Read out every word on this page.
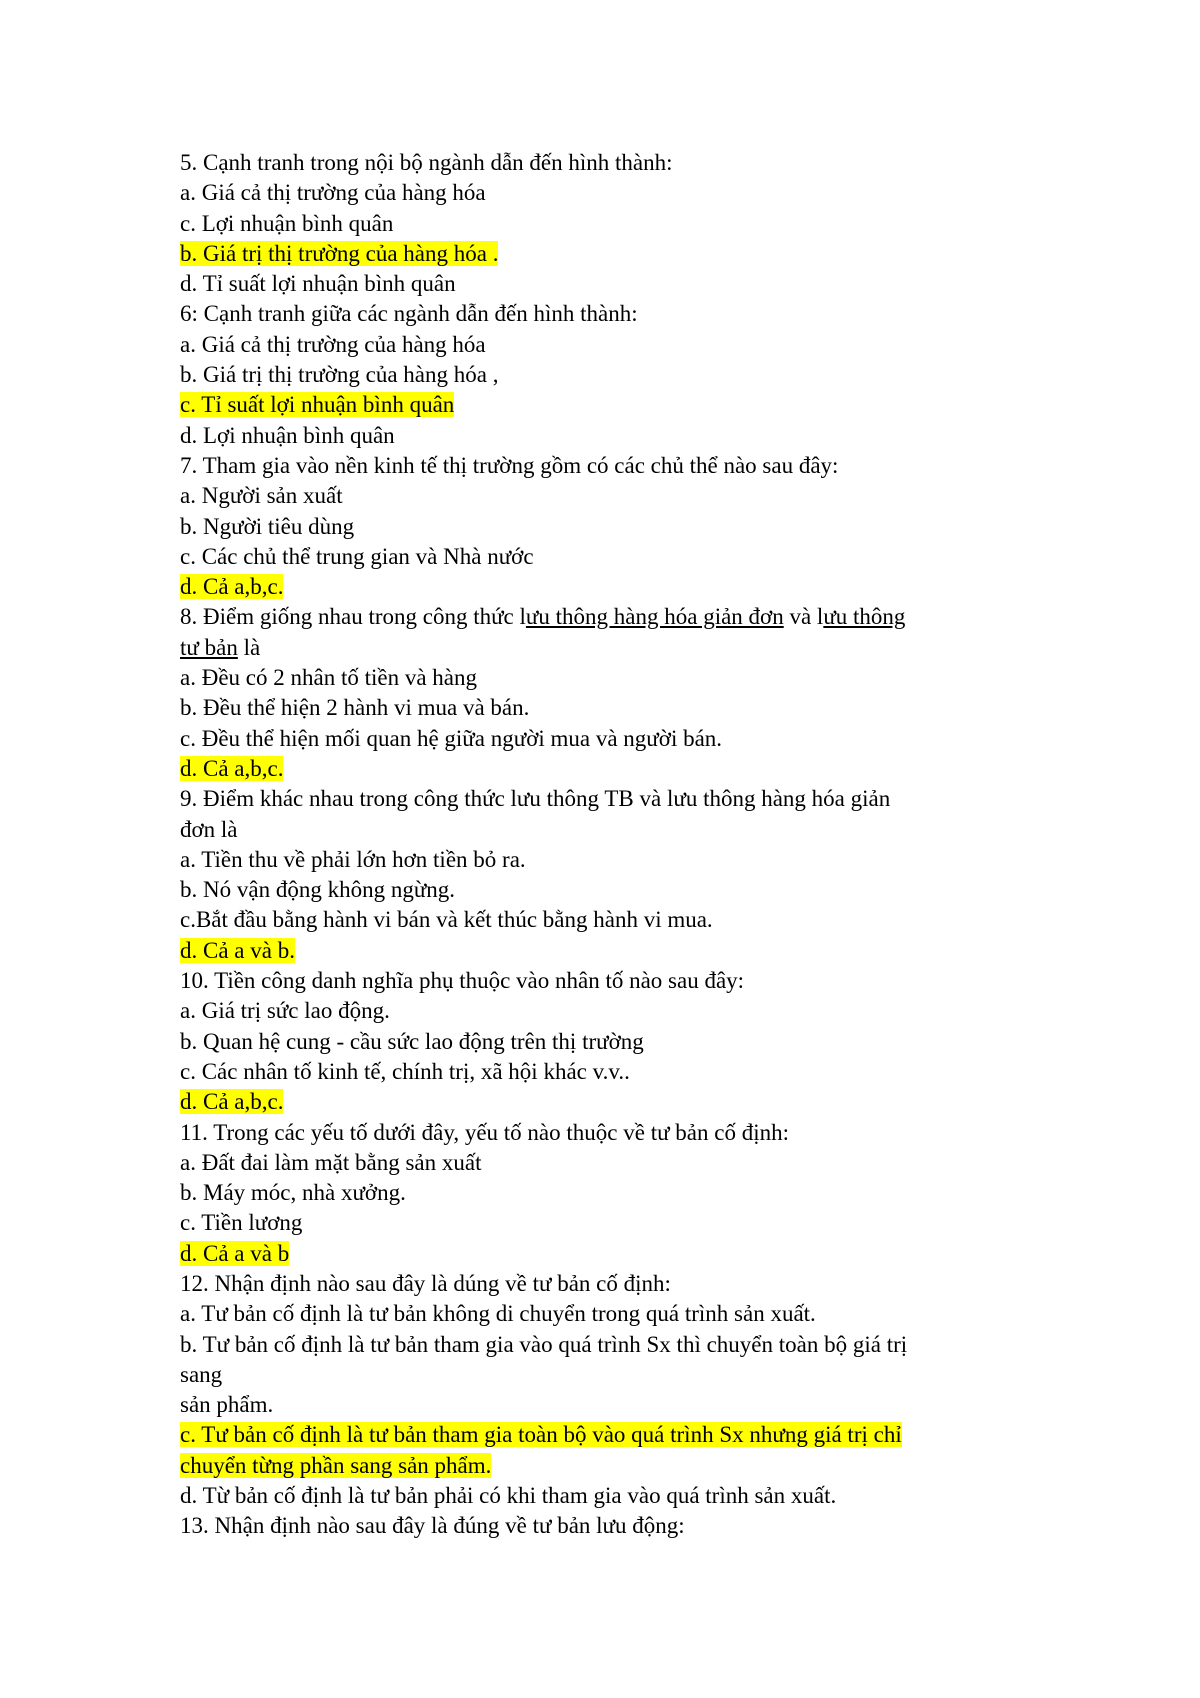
5. Cạnh tranh trong nội bộ ngành dẫn đến hình thành:
a. Giá cả thị trường của hàng hóa
c. Lợi nhuận bình quân
b. Giá trị thị trường của hàng hóa .
d. Tỉ suất lợi nhuận bình quân
6: Cạnh tranh giữa các ngành dẫn đến hình thành:
a. Giá cả thị trường của hàng hóa
b. Giá trị thị trường của hàng hóa ,
c. Tỉ suất lợi nhuận bình quân
d. Lợi nhuận bình quân
7. Tham gia vào nền kinh tế thị trường gồm có các chủ thể nào sau đây:
a. Người sản xuất
b. Người tiêu dùng
c. Các chủ thể trung gian và Nhà nước
d. Cả a,b,c.
8. Điểm giống nhau trong công thức lưu thông hàng hóa giản đơn và lưu thông
tư bản là
a. Đều có 2 nhân tố tiền và hàng
b. Đều thể hiện 2 hành vi mua và bán.
c. Đều thể hiện mối quan hệ giữa người mua và người bán.
d. Cả a,b,c.
9. Điểm khác nhau trong công thức lưu thông TB và lưu thông hàng hóa giản
đơn là
a. Tiền thu về phải lớn hơn tiền bỏ ra.
b. Nó vận động không ngừng.
c.Bắt đầu bằng hành vi bán và kết thúc bằng hành vi mua.
d. Cả a và b.
10. Tiền công danh nghĩa phụ thuộc vào nhân tố nào sau đây:
a. Giá trị sức lao động.
b. Quan hệ cung - cầu sức lao động trên thị trường
c. Các nhân tố kinh tế, chính trị, xã hội khác v.v..
d. Cả a,b,c.
11. Trong các yếu tố dưới đây, yếu tố nào thuộc về tư bản cố định:
a. Đất đai làm mặt bằng sản xuất
b. Máy móc, nhà xưởng.
c. Tiền lương
d. Cả a và b
12. Nhận định nào sau đây là dúng về tư bản cố định:
a. Tư bản cố định là tư bản không di chuyển trong quá trình sản xuất.
b. Tư bản cố định là tư bản tham gia vào quá trình Sx thì chuyển toàn bộ giá trị
sang
sản phẩm.
c. Tư bản cố định là tư bản tham gia toàn bộ vào quá trình Sx nhưng giá trị chỉ
chuyển từng phần sang sản phẩm.
d. Từ bản cố định là tư bản phải có khi tham gia vào quá trình sản xuất.
13. Nhận định nào sau đây là đúng về tư bản lưu động:
